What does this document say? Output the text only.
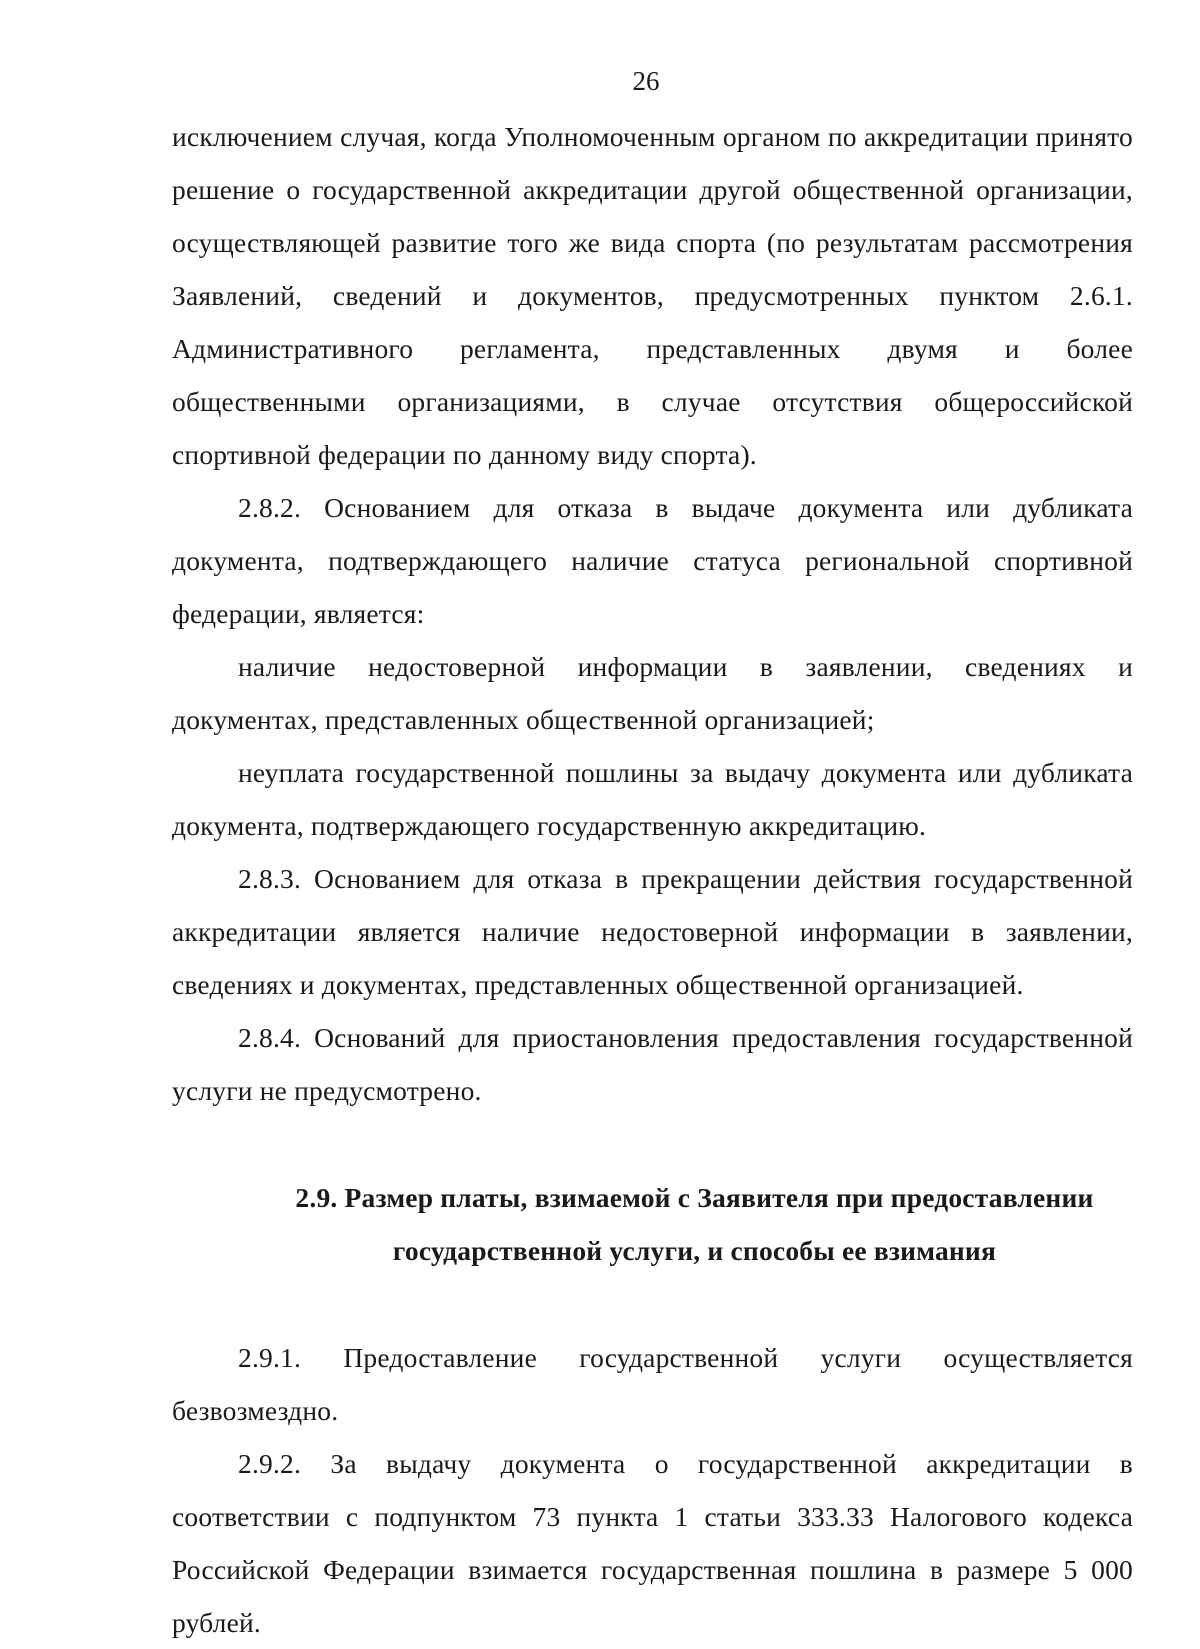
26

исключением случая, когда Уполномоченным органом по аккредитации принято решение о государственной аккредитации другой общественной организации, осуществляющей развитие того же вида спорта (по результатам рассмотрения Заявлений, сведений и документов, предусмотренных пунктом 2.6.1. Административного регламента, представленных двумя и более общественными организациями, в случае отсутствия общероссийской спортивной федерации по данному виду спорта).

2.8.2. Основанием для отказа в выдаче документа или дубликата документа, подтверждающего наличие статуса региональной спортивной федерации, является:

наличие недостоверной информации в заявлении, сведениях и документах, представленных общественной организацией;

неуплата государственной пошлины за выдачу документа или дубликата документа, подтверждающего государственную аккредитацию.

2.8.3. Основанием для отказа в прекращении действия государственной аккредитации является наличие недостоверной информации в заявлении, сведениях и документах, представленных общественной организацией.

2.8.4. Оснований для приостановления предоставления государственной услуги не предусмотрено.

2.9. Размер платы, взимаемой с Заявителя при предоставлении
государственной услуги, и способы ее взимания

2.9.1. Предоставление государственной услуги осуществляется безвозмездно.

2.9.2. За выдачу документа о государственной аккредитации в соответствии с подпунктом 73 пункта 1 статьи 333.33 Налогового кодекса Российской Федерации взимается государственная пошлина в размере 5 000 рублей.
